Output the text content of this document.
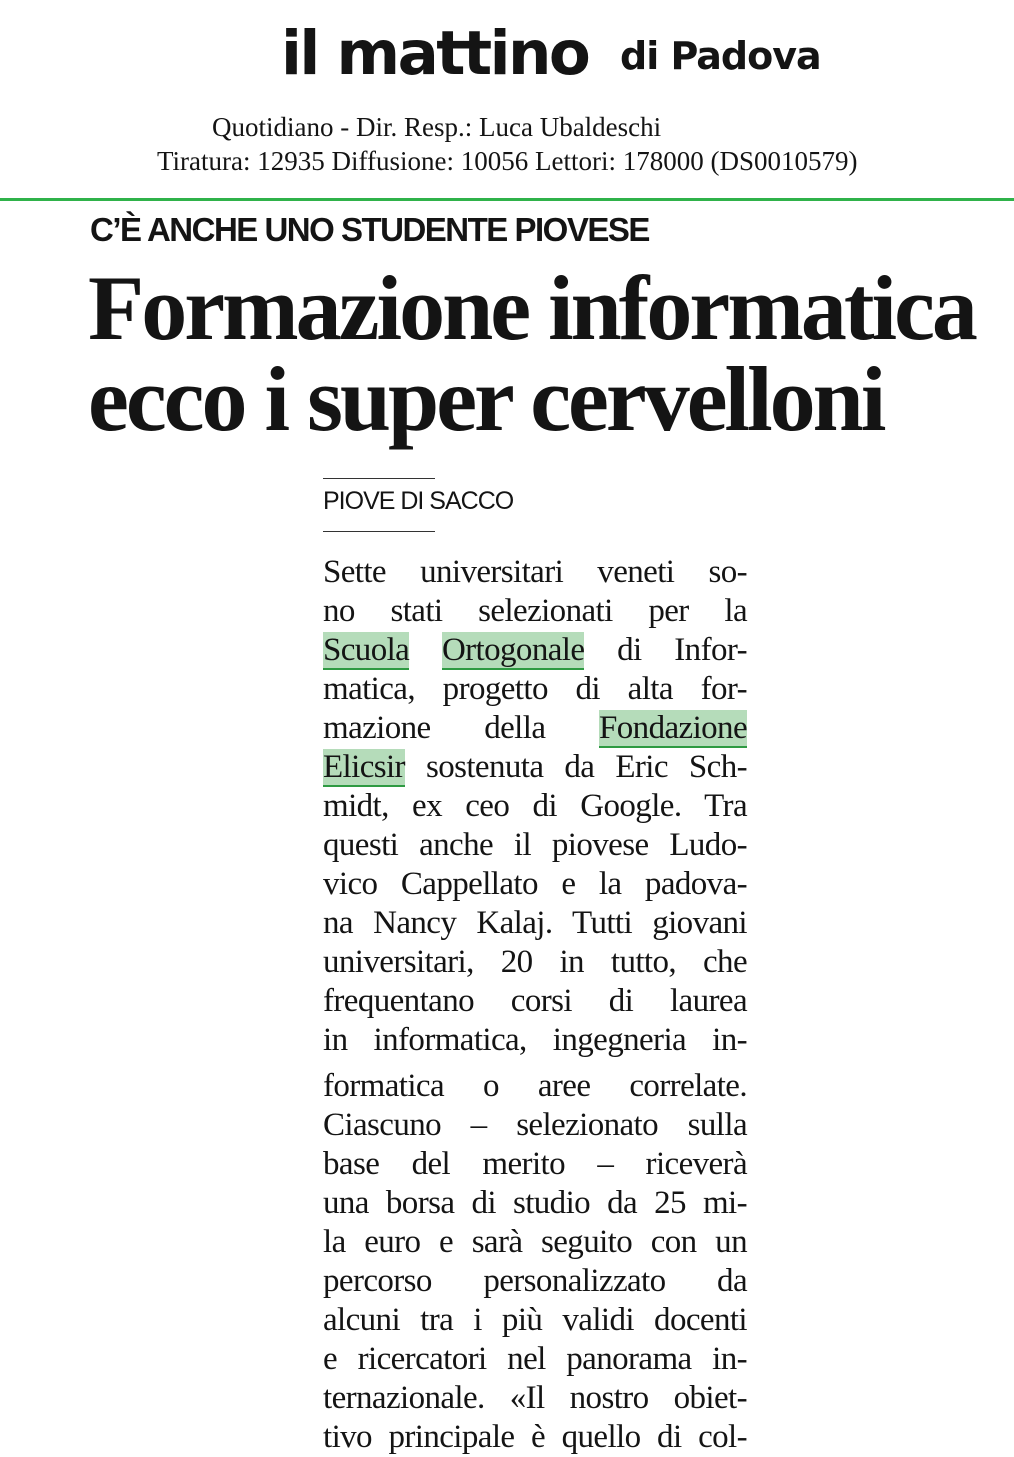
il mattino di Padova
Quotidiano - Dir. Resp.: Luca Ubaldeschi
Tiratura: 12935 Diffusione: 10056 Lettori: 178000 (DS0010579)
C’È ANCHE UNO STUDENTE PIOVESE
Formazione informatica
ecco i super cervelloni
PIOVE DI SACCO
Sette universitari veneti so-
no stati selezionati per la
Scuola Ortogonale di Infor-
matica, progetto di alta for-
mazione della Fondazione
Elicsir sostenuta da Eric Sch-
midt, ex ceo di Google. Tra
questi anche il piovese Ludo-
vico Cappellato e la padova-
na Nancy Kalaj. Tutti giovani
universitari, 20 in tutto, che
frequentano corsi di laurea
in informatica, ingegneria in-
formatica o aree correlate.
Ciascuno – selezionato sulla
base del merito – riceverà
una borsa di studio da 25 mi-
la euro e sarà seguito con un
percorso personalizzato da
alcuni tra i più validi docenti
e ricercatori nel panorama in-
ternazionale. «Il nostro obiet-
tivo principale è quello di col-
